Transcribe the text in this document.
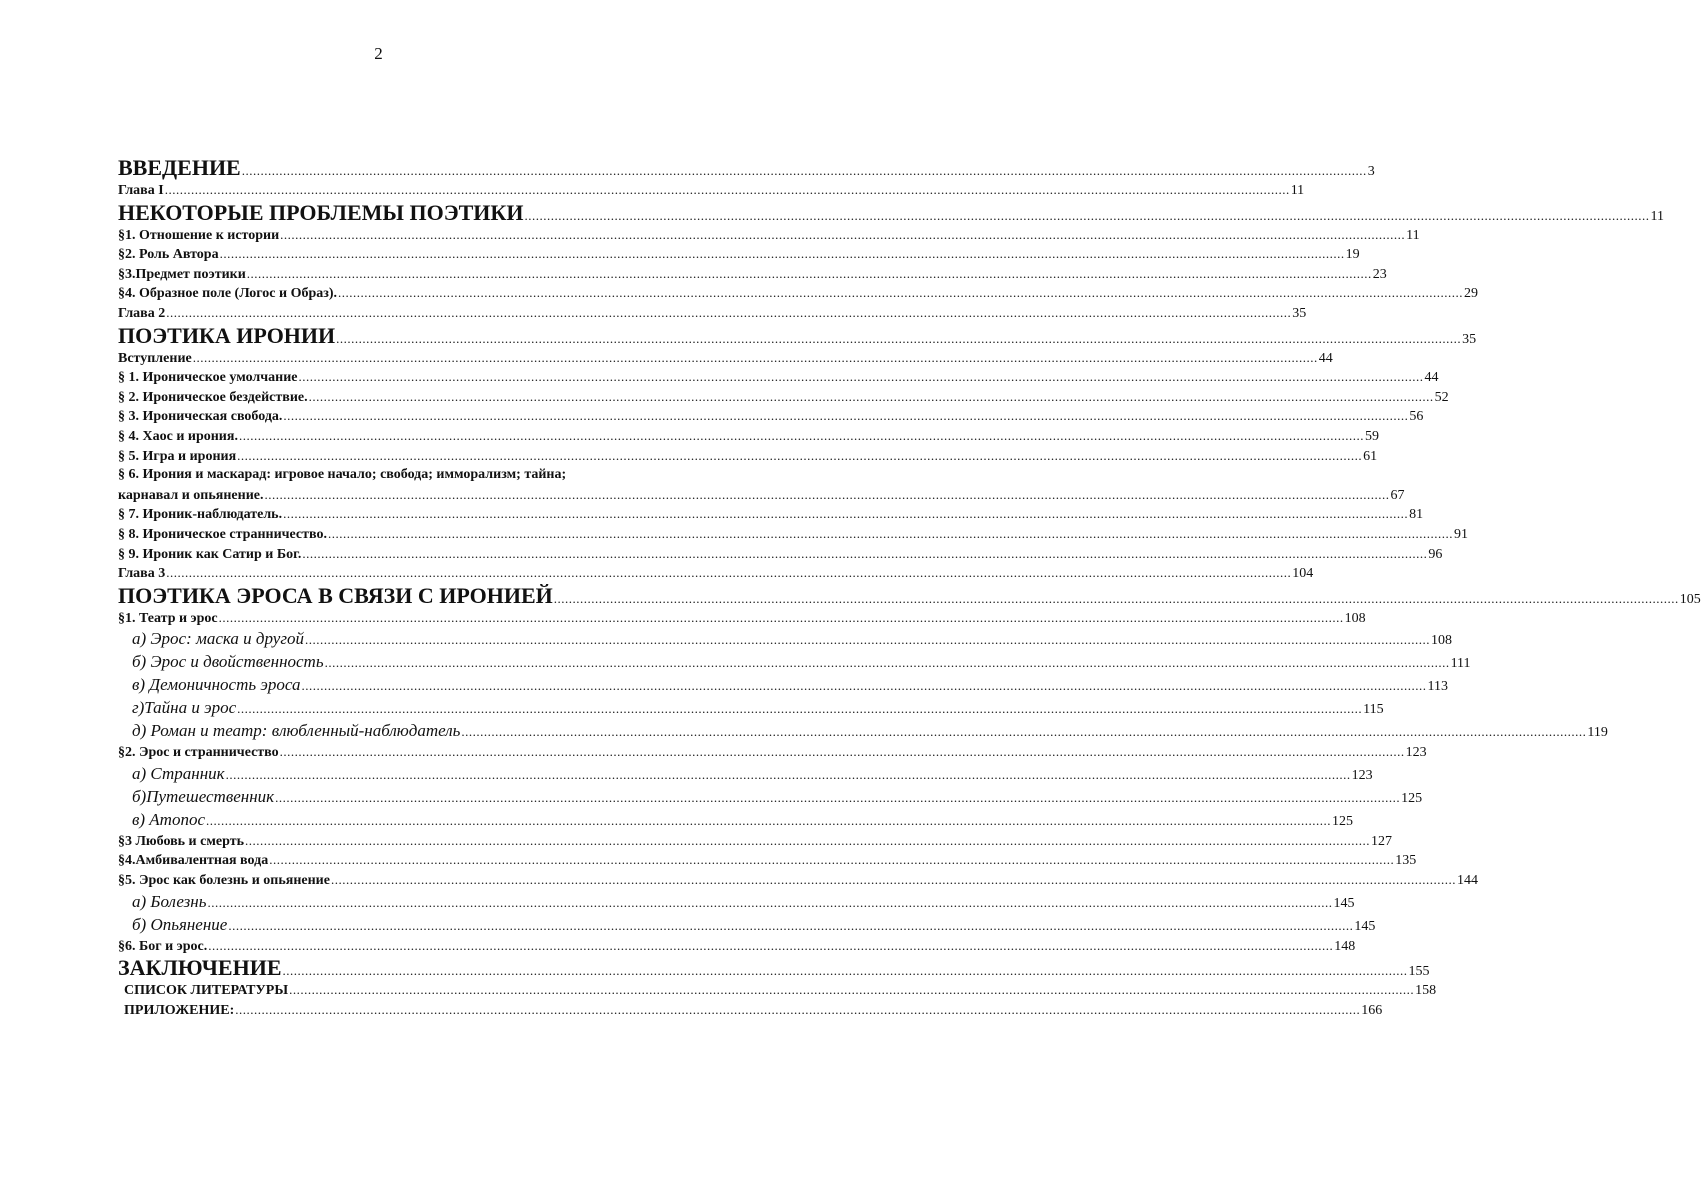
2
ВВЕДЕНИЕ ............................................................................................................................................................................................................................................................................................................ 3
Глава I ............................................................................................................................................................................................................................................................................................................ 11
НЕКОТОРЫЕ ПРОБЛЕМЫ ПОЭТИКИ ............................................................................................................................................................................................................................................................................................................ 11
§1. Отношение к истории ............................................................................................................................................................................................................................................................................................................ 11
§2. Роль Автора ............................................................................................................................................................................................................................................................................................................ 19
§3.Предмет поэтики ............................................................................................................................................................................................................................................................................................................ 23
§4. Образное поле (Логос и Образ). ............................................................................................................................................................................................................................................................................................................ 29
Глава 2 ............................................................................................................................................................................................................................................................................................................ 35
ПОЭТИКА ИРОНИИ ............................................................................................................................................................................................................................................................................................................ 35
Вступление ............................................................................................................................................................................................................................................................................................................ 44
§ 1. Ироническое умолчание ............................................................................................................................................................................................................................................................................................................ 44
§ 2. Ироническое бездействие. ............................................................................................................................................................................................................................................................................................................ 52
§ 3. Ироническая свобода. ............................................................................................................................................................................................................................................................................................................ 56
§ 4. Хаос и ирония. ............................................................................................................................................................................................................................................................................................................ 59
§ 5. Игра и ирония ............................................................................................................................................................................................................................................................................................................ 61
§ 6. Ирония и маскарад: игровое начало; свобода; имморализм; тайна;
карнавал и опьянение. ............................................................................................................................................................................................................................................................................................................ 67
§ 7. Ироник-наблюдатель. ............................................................................................................................................................................................................................................................................................................ 81
§ 8. Ироническое странничество. ............................................................................................................................................................................................................................................................................................................ 91
§ 9. Ироник как Сатир и Бог. ............................................................................................................................................................................................................................................................................................................ 96
Глава 3 ............................................................................................................................................................................................................................................................................................................ 104
ПОЭТИКА ЭРОСА В СВЯЗИ С ИРОНИЕЙ ............................................................................................................................................................................................................................................................................................................ 105
§1. Театр и эрос ............................................................................................................................................................................................................................................................................................................ 108
а) Эрос: маска и другой ............................................................................................................................................................................................................................................................................................................ 108
б) Эрос и двойственность ............................................................................................................................................................................................................................................................................................................ 111
в) Демоничность эроса ............................................................................................................................................................................................................................................................................................................ 113
г)Тайна и эрос ............................................................................................................................................................................................................................................................................................................ 115
д) Роман и театр: влюбленный-наблюдатель ............................................................................................................................................................................................................................................................................................................ 119
§2. Эрос и странничество ............................................................................................................................................................................................................................................................................................................ 123
а) Странник ............................................................................................................................................................................................................................................................................................................ 123
б)Путешественник ............................................................................................................................................................................................................................................................................................................ 125
в) Атопос ............................................................................................................................................................................................................................................................................................................ 125
§3 Любовь и смерть ............................................................................................................................................................................................................................................................................................................ 127
§4.Амбивалентная вода ............................................................................................................................................................................................................................................................................................................ 135
§5. Эрос как болезнь и опьянение ............................................................................................................................................................................................................................................................................................................ 144
а) Болезнь ............................................................................................................................................................................................................................................................................................................ 145
б) Опьянение ............................................................................................................................................................................................................................................................................................................ 145
§6. Бог и эрос. ............................................................................................................................................................................................................................................................................................................ 148
ЗАКЛЮЧЕНИЕ ............................................................................................................................................................................................................................................................................................................ 155
СПИСОК ЛИТЕРАТУРЫ ............................................................................................................................................................................................................................................................................................................ 158
ПРИЛОЖЕНИЕ: ............................................................................................................................................................................................................................................................................................................ 166
